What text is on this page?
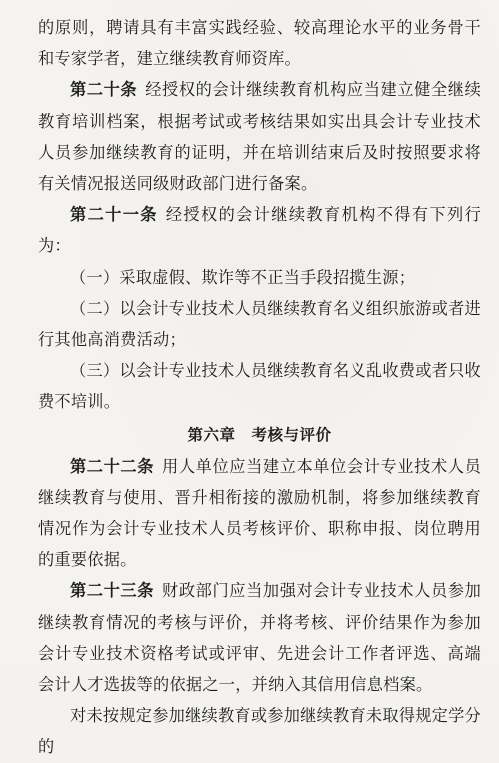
的原则，聘请具有丰富实践经验、较高理论水平的业务骨干和专家学者，建立继续教育师资库。

第二十条 经授权的会计继续教育机构应当建立健全继续教育培训档案，根据考试或考核结果如实出具会计专业技术人员参加继续教育的证明，并在培训结束后及时按照要求将有关情况报送同级财政部门进行备案。

第二十一条 经授权的会计继续教育机构不得有下列行为：

（一）采取虚假、欺诈等不正当手段招揽生源；

（二）以会计专业技术人员继续教育名义组织旅游或者进行其他高消费活动；

（三）以会计专业技术人员继续教育名义乱收费或者只收费不培训。

第六章 考核与评价

第二十二条 用人单位应当建立本单位会计专业技术人员继续教育与使用、晋升相衔接的激励机制，将参加继续教育情况作为会计专业技术人员考核评价、职称申报、岗位聘用的重要依据。

第二十三条 财政部门应当加强对会计专业技术人员参加继续教育情况的考核与评价，并将考核、评价结果作为参加会计专业技术资格考试或评审、先进会计工作者评选、高端会计人才选拔等的依据之一，并纳入其信用信息档案。

对未按规定参加继续教育或参加继续教育未取得规定学分的
